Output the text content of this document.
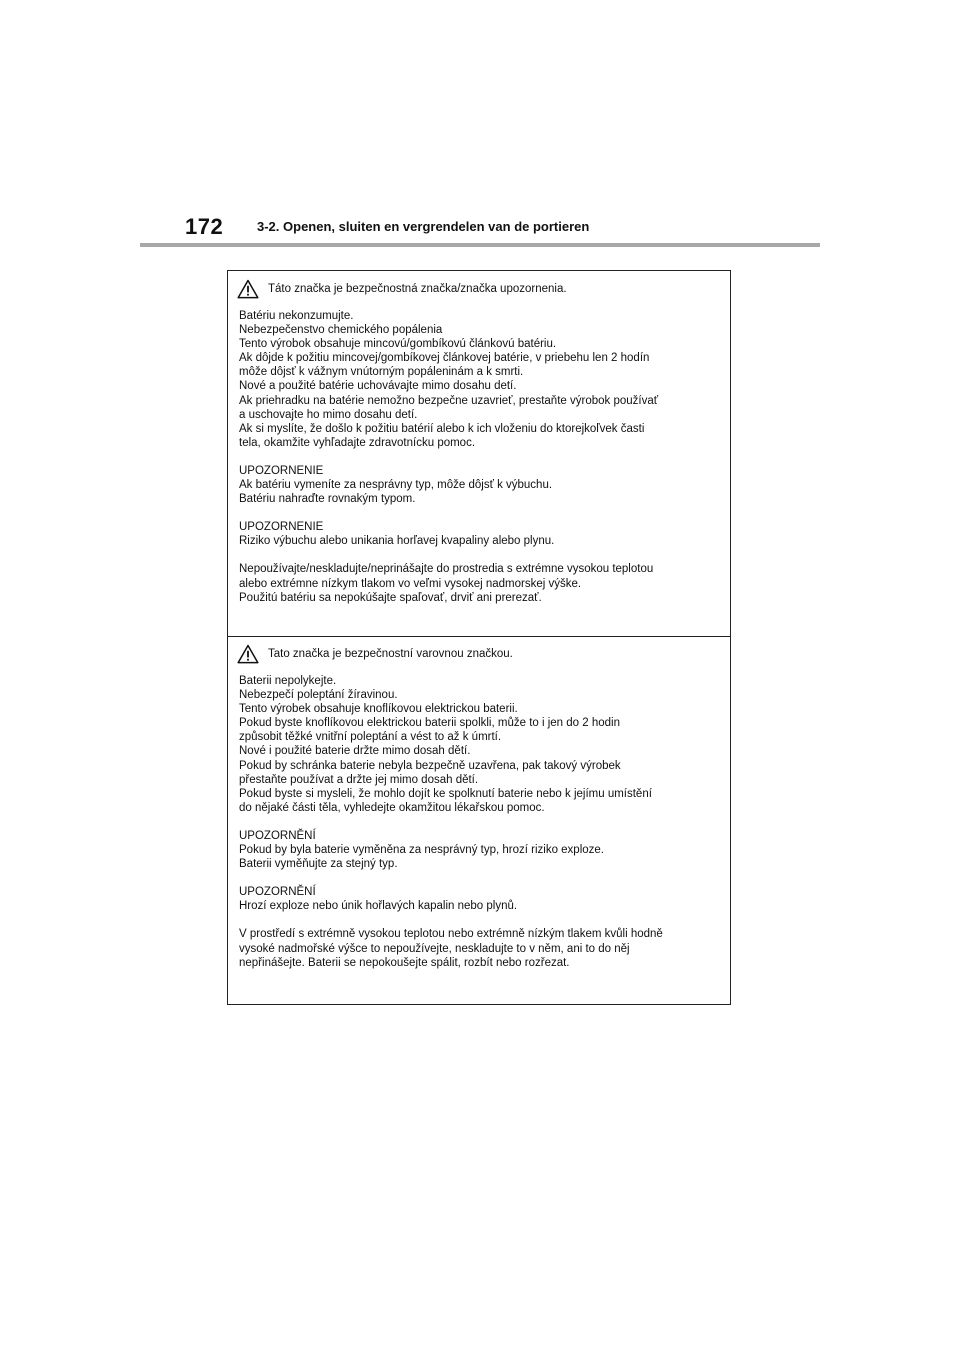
172	3-2. Openen, sluiten en vergrendelen van de portieren
Táto značka je bezpečnostná značka/značka upozornenia.
Batériu nekonzumujte.
Nebezpečenstvo chemického popálenia
Tento výrobok obsahuje mincovú/gombíkovú článkovú batériu.
Ak dôjde k požitiu mincovej/gombíkovej článkovej batérie, v priebehu len 2 hodín
môže dôjsť k vážnym vnútorným popáleninám a k smrti.
Nové a použité batérie uchovávajte mimo dosahu detí.
Ak priehradku na batérie nemožno bezpečne uzavrieť, prestaňte výrobok používať
a uschovajte ho mimo dosahu detí.
Ak si myslíte, že došlo k požitiu batérií alebo k ich vloženiu do ktorejkoľvek časti
tela, okamžite vyhľadajte zdravotnícku pomoc.
UPOZORNENIE
Ak batériu vymeníte za nesprávny typ, môže dôjsť k výbuchu.
Batériu nahraďte rovnakým typom.
UPOZORNENIE
Riziko výbuchu alebo unikania horľavej kvapaliny alebo plynu.
Nepoužívajte/neskladujte/neprinášajte do prostredia s extrémne vysokou teplotou
alebo extrémne nízkym tlakom vo veľmi vysokej nadmorskej výške.
Použitú batériu sa nepokúšajte spaľovať, drviť ani prerezať.
Tato značka je bezpečnostní varovnou značkou.
Baterii nepolykejte.
Nebezpečí poleptání žíravinou.
Tento výrobek obsahuje knoflíkovou elektrickou baterii.
Pokud byste knoflíkovou elektrickou baterii spolkli, může to i jen do 2 hodin
způsobit těžké vnitřní poleptání a vést to až k úmrtí.
Nové i použité baterie držte mimo dosah dětí.
Pokud by schránka baterie nebyla bezpečně uzavřena, pak takový výrobek
přestaňte používat a držte jej mimo dosah dětí.
Pokud byste si mysleli, že mohlo dojít ke spolknutí baterie nebo k jejímu umístění
do nějaké části těla, vyhledejte okamžitou lékařskou pomoc.
UPOZORNĚNÍ
Pokud by byla baterie vyměněna za nesprávný typ, hrozí riziko exploze.
Baterii vyměňujte za stejný typ.
UPOZORNĚNÍ
Hrozí exploze nebo únik hořlavých kapalin nebo plynů.
V prostředí s extrémně vysokou teplotou nebo extrémně nízkým tlakem kvůli hodně
vysoké nadmořské výšce to nepoužívejte, neskladujte to v něm, ani to do něj
nepřinášejte. Baterii se nepokoušejte spálit, rozbít nebo rozřezat.
